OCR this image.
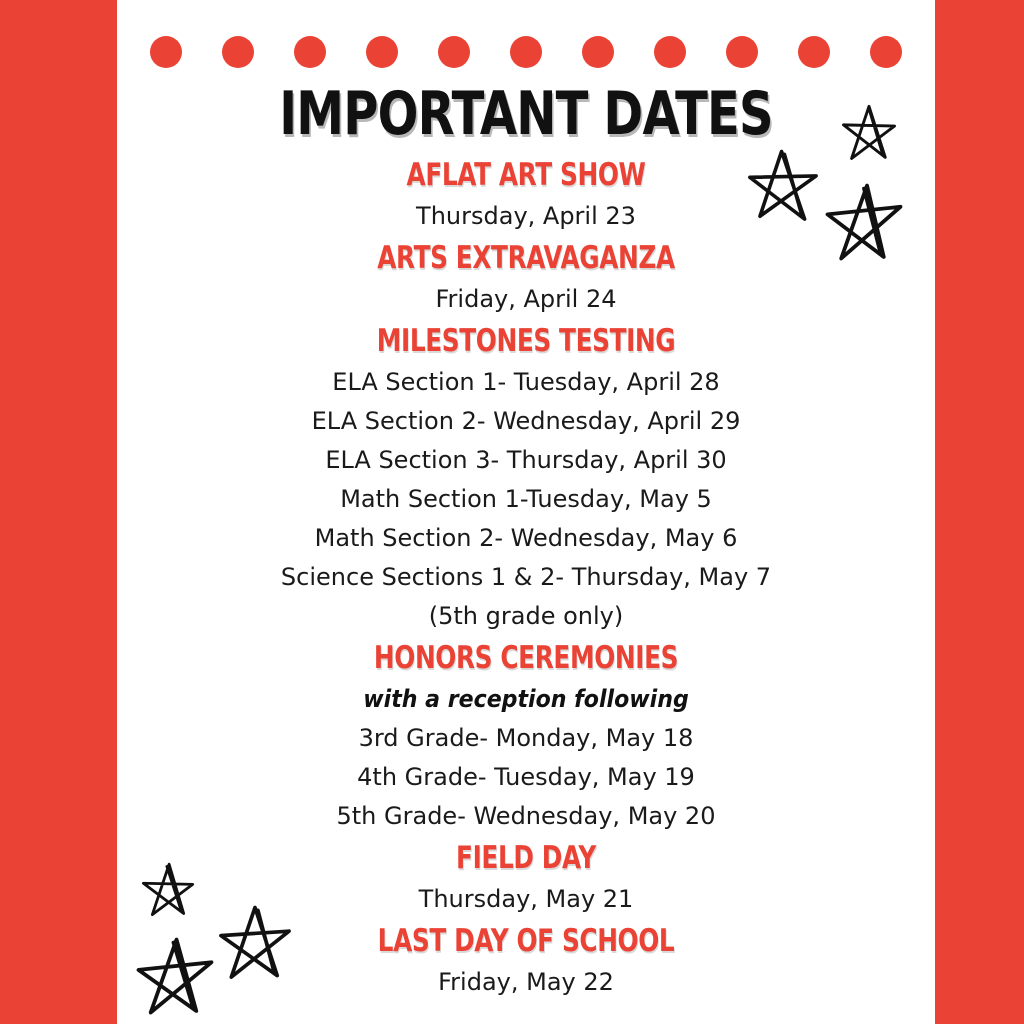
IMPORTANT DATES
AFLAT ART SHOW
Thursday, April 23
ARTS EXTRAVAGANZA
Friday, April 24
MILESTONES TESTING
ELA Section 1- Tuesday, April 28
ELA Section 2- Wednesday, April 29
ELA Section 3- Thursday, April 30
Math Section 1-Tuesday, May 5
Math Section 2- Wednesday, May 6
Science Sections 1 & 2- Thursday, May 7
(5th grade only)
HONORS CEREMONIES
with a reception following
3rd Grade- Monday, May 18
4th Grade- Tuesday, May 19
5th Grade- Wednesday, May 20
FIELD DAY
Thursday, May 21
LAST DAY OF SCHOOL
Friday, May 22
